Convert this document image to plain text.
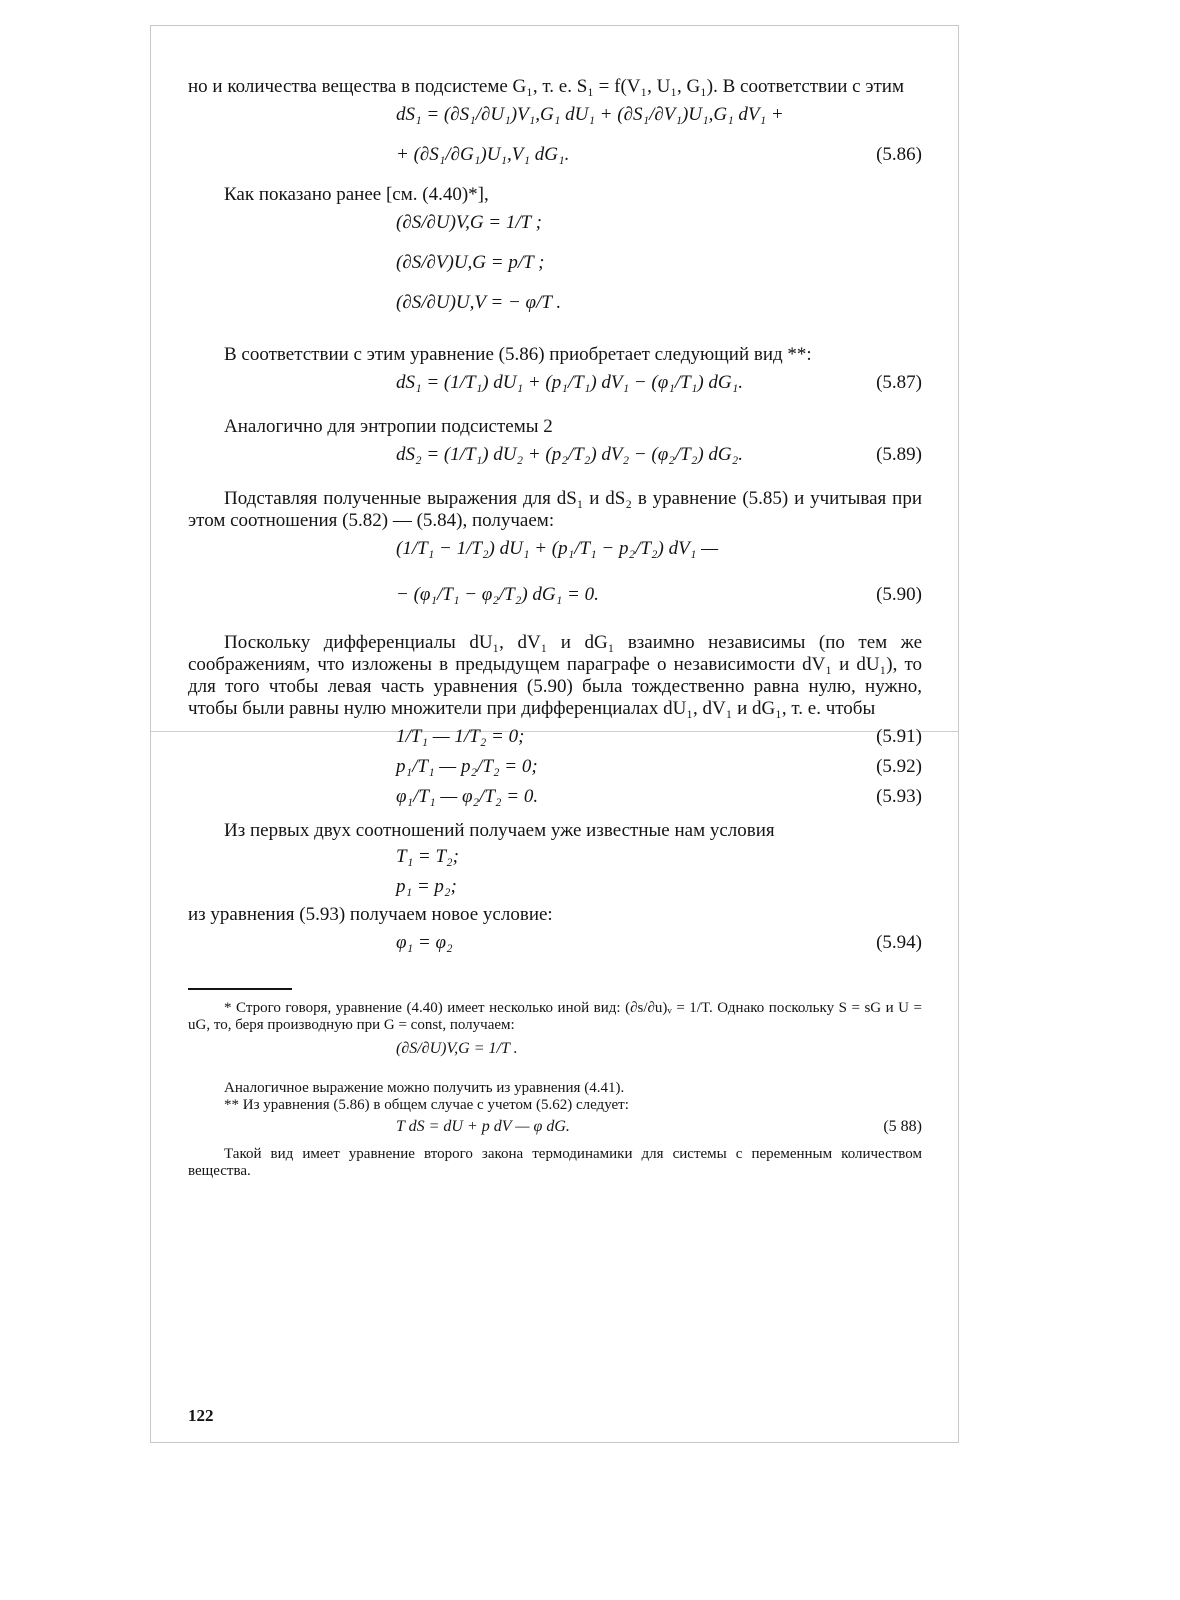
но и количества вещества в подсистеме G₁, т. е. S₁ = f(V₁, U₁, G₁). В соответствии с этим

dS₁ = (∂S₁/∂U₁)V₁,G₁ dU₁ + (∂S₁/∂V₁)U₁,G₁ dV₁ +
+ (∂S₁/∂G₁)U₁,V₁ dG₁.	(5.86)

Как показано ранее [см. (4.40)*],

(∂S/∂U)V,G = 1/T ;
(∂S/∂V)U,G = p/T ;
(∂S/∂U)U,V = − φ/T .

В соответствии с этим уравнение (5.86) приобретает следующий вид **:

dS₁ = (1/T₁) dU₁ + (p₁/T₁) dV₁ − (φ₁/T₁) dG₁.	(5.87)

Аналогично для энтропии подсистемы 2

dS₂ = (1/T₁) dU₂ + (p₂/T₂) dV₂ − (φ₂/T₂) dG₂.	(5.89)

Подставляя полученные выражения для dS₁ и dS₂ в уравнение (5.85) и учитывая при этом соотношения (5.82) — (5.84), получаем:

(1/T₁ − 1/T₂) dU₁ + (p₁/T₁ − p₂/T₂) dV₁ —
− (φ₁/T₁ − φ₂/T₂) dG₁ = 0.	(5.90)

Поскольку дифференциалы dU₁, dV₁ и dG₁ взаимно независимы (по тем же соображениям, что изложены в предыдущем параграфе о независимости dV₁ и dU₁), то для того чтобы левая часть уравнения (5.90) была тождественно равна нулю, нужно, чтобы были равны нулю множители при дифференциалах dU₁, dV₁ и dG₁, т. е. чтобы

1/T₁ — 1/T₂ = 0;	(5.91)
p₁/T₁ — p₂/T₂ = 0;	(5.92)
φ₁/T₁ — φ₂/T₂ = 0.	(5.93)

Из первых двух соотношений получаем уже известные нам условия

T₁ = T₂;
p₁ = p₂;

из уравнения (5.93) получаем новое условие:

φ₁ = φ₂	(5.94)

* Строго говоря, уравнение (4.40) имеет несколько иной вид: (∂s/∂u)ᵥ = 1/T. Однако поскольку S = sG и U = uG, то, беря производную при G = const, получаем:

(∂S/∂U)V,G = 1/T .

Аналогичное выражение можно получить из уравнения (4.41).

** Из уравнения (5.86) в общем случае с учетом (5.62) следует:

T dS = dU + p dV — φ dG.	(5 88)

Такой вид имеет уравнение второго закона термодинамики для системы с переменным количеством вещества.

122
